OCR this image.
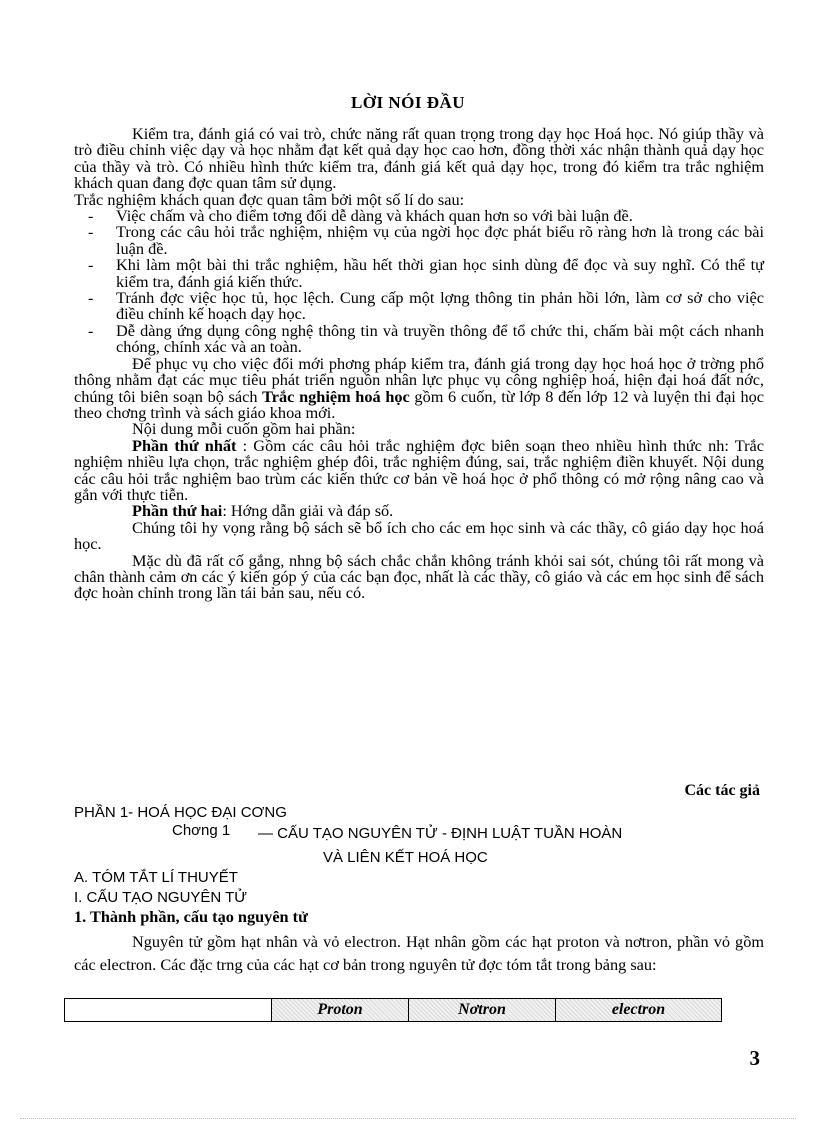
LỜI NÓI ĐẦU

Kiểm tra, đánh giá có vai trò, chức năng rất quan trọng trong dạy học Hoá học. Nó giúp thầy và trò điều chỉnh việc dạy và học nhằm đạt kết quả dạy học cao hơn, đồng thời xác nhận thành quả dạy học của thầy và trò. Có nhiều hình thức kiểm tra, đánh giá kết quả dạy học, trong đó kiểm tra trắc nghiệm khách quan đang đợc quan tâm sử dụng.

Trắc nghiệm khách quan đợc quan tâm bởi một số lí do sau:

-	Việc chấm và cho điểm tơng đối dễ dàng và khách quan hơn so với bài luận đề.
-	Trong các câu hỏi trắc nghiệm, nhiệm vụ của ngời học đợc phát biểu rõ ràng hơn là trong các bài luận đề.
-	Khi làm một bài thi trắc nghiệm, hầu hết thời gian học sinh dùng để đọc và suy nghĩ. Có thể tự kiểm tra, đánh giá kiến thức.
-	Tránh đợc việc học tủ, học lệch. Cung cấp một lợng thông tin phản hồi lớn, làm cơ sở cho việc điều chỉnh kế hoạch dạy học.
-	Dễ dàng ứng dụng công nghệ thông tin và truyền thông để tổ chức thi, chấm bài một cách nhanh chóng, chính xác và an toàn.

Để phục vụ cho việc đổi mới phơng pháp kiểm tra, đánh giá trong dạy học hoá học ở trờng phổ thông nhằm đạt các mục tiêu phát triển nguồn nhân lực phục vụ công nghiệp hoá, hiện đại hoá đất nớc, chúng tôi biên soạn bộ sách Trắc nghiệm hoá học gồm 6 cuốn, từ lớp 8 đến lớp 12 và luyện thi đại học theo chơng trình và sách giáo khoa mới.

Nội dung mỗi cuốn gồm hai phần:

Phần thứ nhất : Gồm các câu hỏi trắc nghiệm đợc biên soạn theo nhiều hình thức nh: Trắc nghiệm nhiều lựa chọn, trắc nghiệm ghép đôi, trắc nghiệm đúng, sai, trắc nghiệm điền khuyết. Nội dung các câu hỏi trắc nghiệm bao trùm các kiến thức cơ bản về hoá học ở phổ thông có mở rộng nâng cao và gắn với thực tiễn.

Phần thứ hai: Hớng dẫn giải và đáp số.

Chúng tôi hy vọng rằng bộ sách sẽ bổ ích cho các em học sinh và các thầy, cô giáo dạy học hoá học.

Mặc dù đã rất cố gắng, nhng bộ sách chắc chắn không tránh khỏi sai sót, chúng tôi rất mong và chân thành cảm ơn các ý kiến góp ý của các bạn đọc, nhất là các thầy, cô giáo và các em học sinh để sách đợc hoàn chỉnh trong lần tái bản sau, nếu có.

Các tác giả
PHẦN 1- HOÁ HỌC ĐẠI CƠNG
Chơng 1 — CẤU TẠO NGUYÊN TỬ - ĐỊNH LUẬT TUẦN HOÀN
VÀ LIÊN KẾT HOÁ HỌC
A. TÓM TẮT LÍ THUYẾT
I. CẤU TẠO NGUYÊN TỬ
1. Thành phần, cấu tạo nguyên tử

Nguyên tử gồm hạt nhân và vỏ electron. Hạt nhân gồm các hạt proton và nơtron, phần vỏ gồm các electron. Các đặc trng của các hạt cơ bản trong nguyên tử đợc tóm tắt trong bảng sau:

	Proton	Nơtron	electron
3
